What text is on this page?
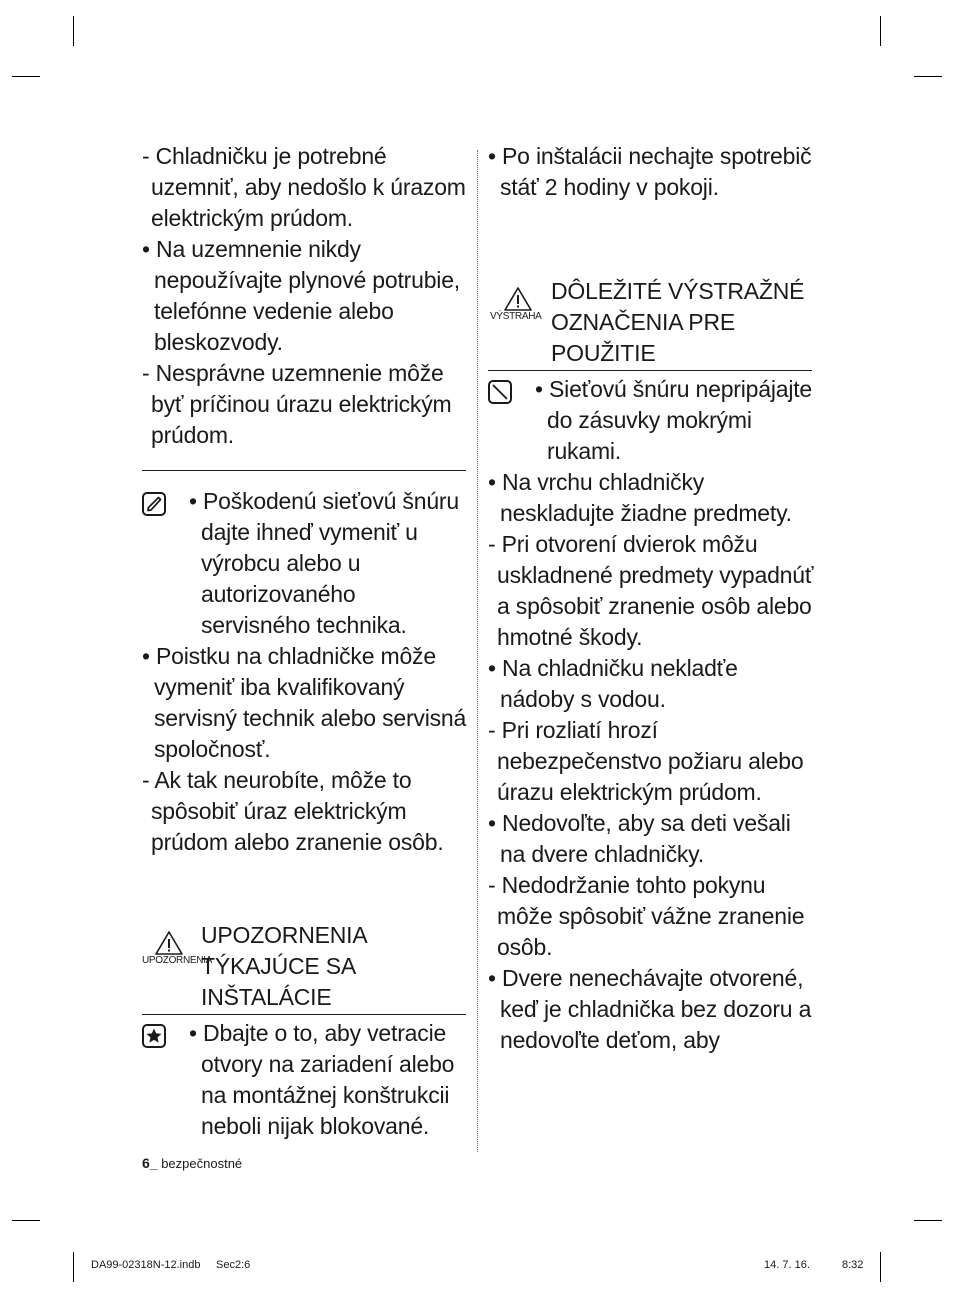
- Chladničku je potrebné uzemniť, aby nedošlo k úrazom elektrickým prúdom.

• Na uzemnenie nikdy nepoužívajte plynové potrubie, telefónne vedenie alebo bleskozvody.

- Nesprávne uzemnenie môže byť príčinou úrazu elektrickým prúdom.

• Poškodenú sieťovú šnúru dajte ihneď vymeniť u výrobcu alebo u autorizovaného servisného technika.

• Poistku na chladničke môže vymeniť iba kvalifikovaný servisný technik alebo servisná spoločnosť.

- Ak tak neurobíte, môže to spôsobiť úraz elektrickým prúdom alebo zranenie osôb.

UPOZORNENIA
UPOZORNENIA TÝKAJÚCE SA INŠTALÁCIE
• Dbajte o to, aby vetracie otvory na zariadení alebo na montážnej konštrukcii neboli nijak blokované.

• Po inštalácii nechajte spotrebič stáť 2 hodiny v pokoji.

VÝSTRAHA
DÔLEŽITÉ VÝSTRAŽNÉ OZNAČENIA PRE POUŽITIE
• Sieťovú šnúru nepripájajte do zásuvky mokrými rukami.

• Na vrchu chladničky neskladujte žiadne predmety.

- Pri otvorení dvierok môžu uskladnené predmety vypadnúť a spôsobiť zranenie osôb alebo hmotné škody.

• Na chladničku nekladťe nádoby s vodou.

- Pri rozliatí hrozí nebezpečenstvo požiaru alebo úrazu elektrickým prúdom.

• Nedovoľte, aby sa deti vešali na dvere chladničky.

- Nedodržanie tohto pokynu môže spôsobiť vážne zranenie osôb.

• Dvere nenechávajte otvorené, keď je chladnička bez dozoru a nedovoľte deťom, aby

6_ bezpečnostné
DA99-02318N-12.indb Sec2:6	14. 7. 16.	8:32
